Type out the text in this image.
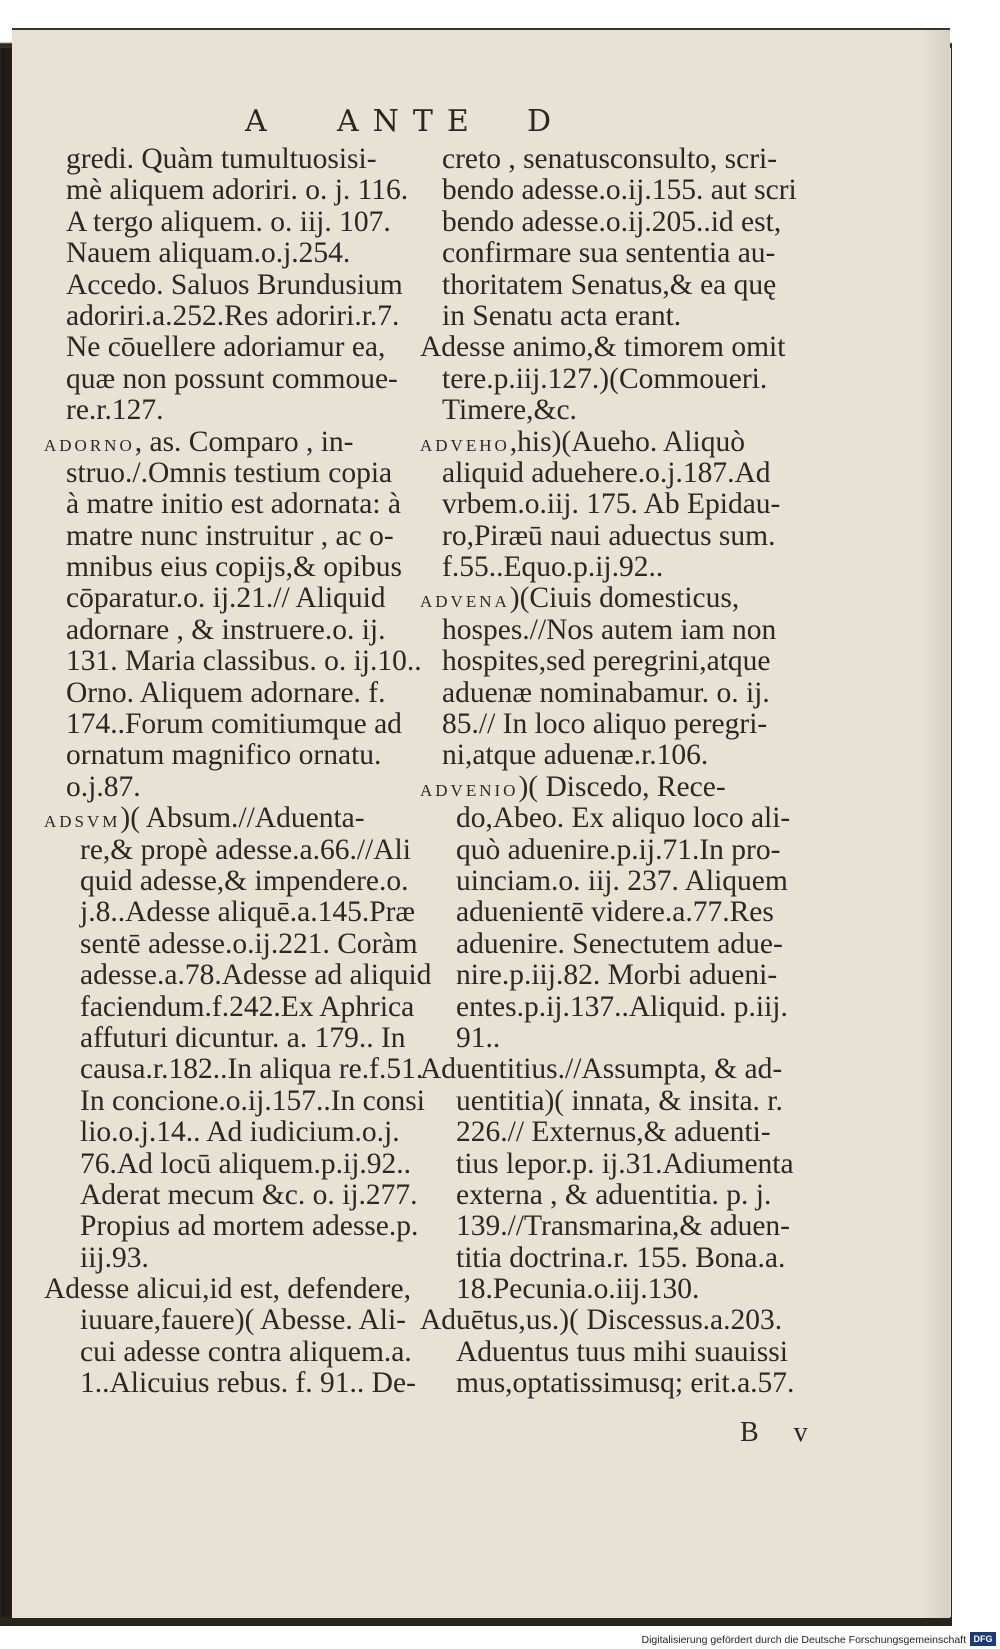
A ANTE D
gredi. Quàm tumultuosisi-
mè aliquem adoriri. o. j. 116.
A tergo aliquem. o. iij. 107.
Nauem aliquam.o.j.254.
Accedo. Saluos Brundusium
adoriri.a.252.Res adoriri.r.7.
Ne cōuellere adoriamur ea,
quæ non possunt commoue-
re.r.127.
ADORNO, as. Comparo , in-
struo./.Omnis testium copia
à matre initio est adornata: à
matre nunc instruitur , ac o-
mnibus eius copijs,& opibus
cōparatur.o. ij.21.// Aliquid
adornare , & instruere.o. ij.
131. Maria classibus. o. ij.10..
Orno. Aliquem adornare. f.
174..Forum comitiumque ad
ornatum magnifico ornatu.
o.j.87.
ADSVM)( Absum.//Aduenta-
re,& propè adesse.a.66.//Ali
quid adesse,& impendere.o.
j.8..Adesse aliquē.a.145.Præ
sentē adesse.o.ij.221. Coràm
adesse.a.78.Adesse ad aliquid
faciendum.f.242.Ex Aphrica
affuturi dicuntur. a. 179.. In
causa.r.182..In aliqua re.f.51.
In concione.o.ij.157..In consi
lio.o.j.14.. Ad iudicium.o.j.
76.Ad locū aliquem.p.ij.92..
Aderat mecum &c. o. ij.277.
Propius ad mortem adesse.p.
iij.93.
Adesse alicui,id est, defendere,
iuuare,fauere)( Abesse. Ali-
cui adesse contra aliquem.a.
1..Alicuius rebus. f. 91.. De-
creto , senatusconsulto, scri-
bendo adesse.o.ij.155. aut scri
bendo adesse.o.ij.205..id est,
confirmare sua sententia au-
thoritatem Senatus,& ea quę
in Senatu acta erant.
Adesse animo,& timorem omit
tere.p.iij.127.)(Commoueri.
Timere,&c.
ADVEHO,his)(Aueho. Aliquò
aliquid aduehere.o.j.187.Ad
vrbem.o.iij. 175. Ab Epidau-
ro,Piræū naui aduectus sum.
f.55..Equo.p.ij.92..
ADVENA)(Ciuis domesticus,
hospes.//Nos autem iam non
hospites,sed peregrini,atque
aduenæ nominabamur. o. ij.
85.// In loco aliquo peregri-
ni,atque aduenæ.r.106.
ADVENIO)( Discedo, Rece-
do,Abeo. Ex aliquo loco ali-
quò aduenire.p.ij.71.In pro-
uinciam.o. iij. 237. Aliquem
aduenientē videre.a.77.Res
aduenire. Senectutem adue-
nire.p.iij.82. Morbi adueni-
entes.p.ij.137..Aliquid. p.iij.
91..
Aduentitius.//Assumpta, & ad-
uentitia)( innata, & insita. r.
226.// Externus,& aduenti-
tius lepor.p. ij.31.Adiumenta
externa , & aduentitia. p. j.
139.//Transmarina,& aduen-
titia doctrina.r. 155. Bona.a.
18.Pecunia.o.iij.130.
Aduētus,us.)( Discessus.a.203.
Aduentus tuus mihi suauissi
mus,optatissimusq; erit.a.57.
B v
Digitalisierung gefördert durch die Deutsche Forschungsgemeinschaft DFG
